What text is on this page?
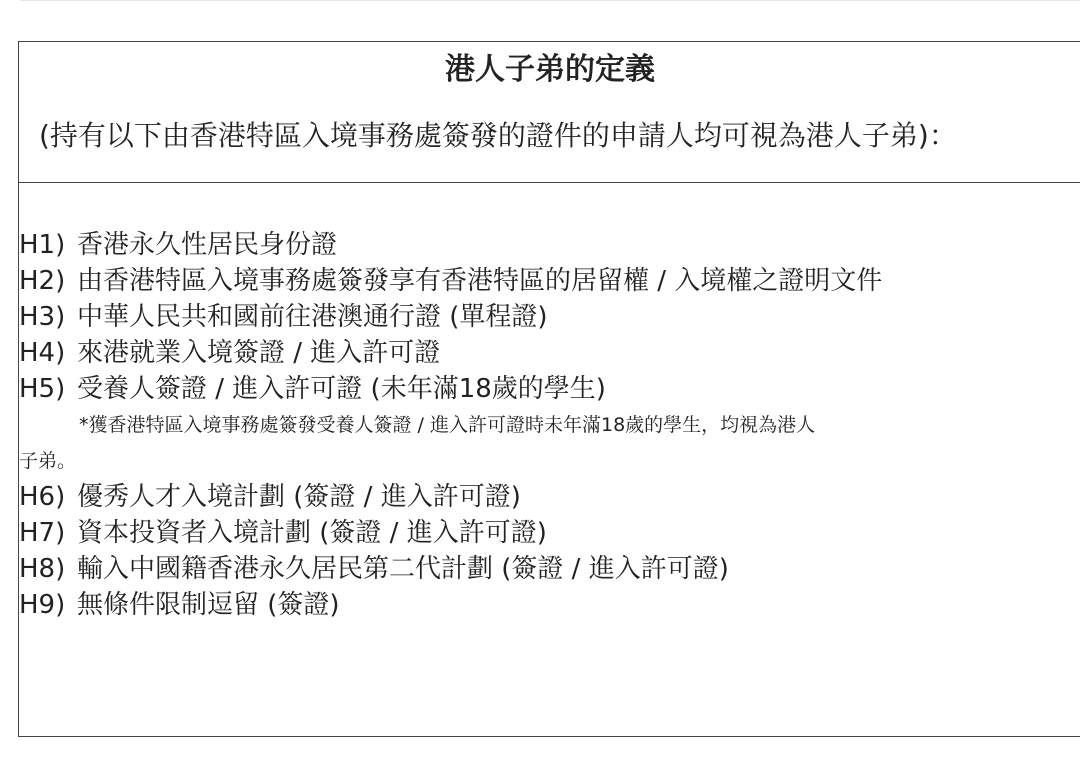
港人子弟的定義
(持有以下由香港特區入境事務處簽發的證件的申請人均可視為港人子弟)：
H1) 香港永久性居民身份證
H2) 由香港特區入境事務處簽發享有香港特區的居留權 / 入境權之證明文件
H3) 中華人民共和國前往港澳通行證 (單程證)
H4) 來港就業入境簽證 / 進入許可證
H5) 受養人簽證 / 進入許可證 (未年滿18歲的學生)
*獲香港特區入境事務處簽發受養人簽證 / 進入許可證時未年滿18歲的學生，均視為港人
子弟。
H6) 優秀人才入境計劃 (簽證 / 進入許可證)
H7) 資本投資者入境計劃 (簽證 / 進入許可證)
H8) 輸入中國籍香港永久居民第二代計劃 (簽證 / 進入許可證)
H9) 無條件限制逗留 (簽證)
